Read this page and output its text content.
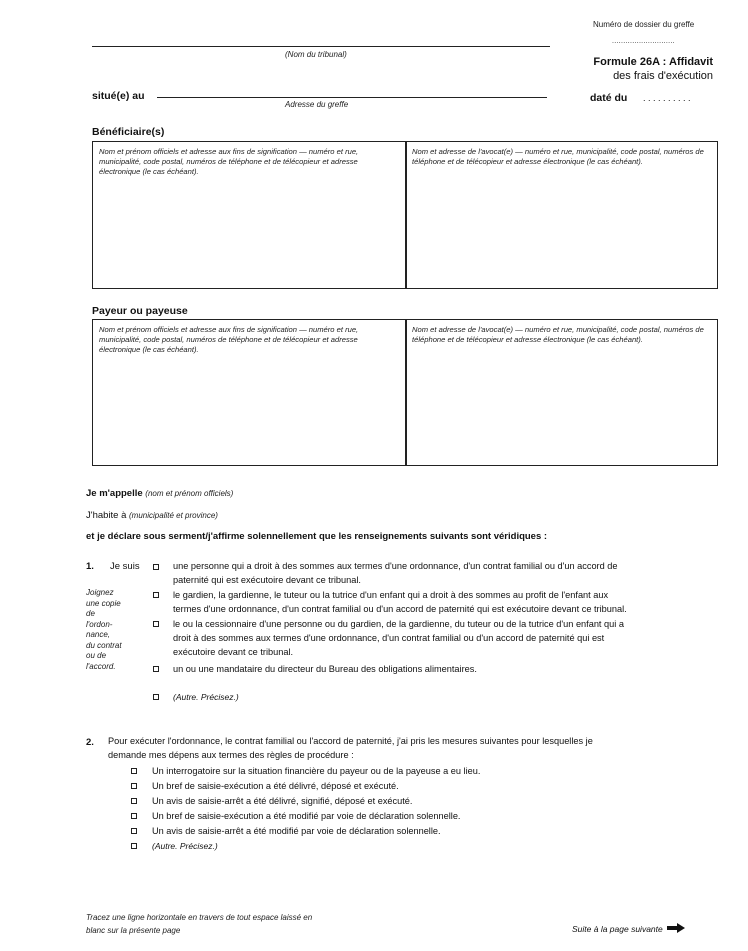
Numéro de dossier du greffe
............................
(Nom du tribunal)
Formule 26A : Affidavit
des frais d'exécution
situé(e) au
Adresse du greffe
daté du . . . . . . . . . .
Bénéficiaire(s)
Nom et prénom officiels et adresse aux fins de signification — numéro et rue, municipalité, code postal, numéros de téléphone et de télécopieur et adresse électronique (le cas échéant).
Nom et adresse de l'avocat(e) — numéro et rue, municipalité, code postal, numéros de téléphone et de télécopieur et adresse électronique (le cas échéant).
Payeur ou payeuse
Nom et prénom officiels et adresse aux fins de signification — numéro et rue, municipalité, code postal, numéros de téléphone et de télécopieur et adresse électronique (le cas échéant).
Nom et adresse de l'avocat(e) — numéro et rue, municipalité, code postal, numéros de téléphone et de télécopieur et adresse électronique (le cas échéant).
Je m'appelle (nom et prénom officiels)
J'habite à (municipalité et province)
et je déclare sous serment/j'affirme solennellement que les renseignements suivants sont véridiques :
1. Je suis
Joignez
une copie
de
l'ordon-
nance,
du contrat
ou de
l'accord.
une personne qui a droit à des sommes aux termes d'une ordonnance, d'un contrat familial ou d'un accord de
paternité qui est exécutoire devant ce tribunal.
le gardien, la gardienne, le tuteur ou la tutrice d'un enfant qui a droit à des sommes au profit de l'enfant aux
termes d'une ordonnance, d'un contrat familial ou d'un accord de paternité qui est exécutoire devant ce tribunal.
le ou la cessionnaire d'une personne ou du gardien, de la gardienne, du tuteur ou de la tutrice d'un enfant qui a
droit à des sommes aux termes d'une ordonnance, d'un contrat familial ou d'un accord de paternité qui est
exécutoire devant ce tribunal.
un ou une mandataire du directeur du Bureau des obligations alimentaires.
(Autre. Précisez.)
2. Pour exécuter l'ordonnance, le contrat familial ou l'accord de paternité, j'ai pris les mesures suivantes pour lesquelles je
demande mes dépens aux termes des règles de procédure :
Un interrogatoire sur la situation financière du payeur ou de la payeuse a eu lieu.
Un bref de saisie-exécution a été délivré, déposé et exécuté.
Un avis de saisie-arrêt a été délivré, signifié, déposé et exécuté.
Un bref de saisie-exécution a été modifié par voie de déclaration solennelle.
Un avis de saisie-arrêt a été modifié par voie de déclaration solennelle.
(Autre. Précisez.)
Tracez une ligne horizontale en travers de tout espace laissé en
blanc sur la présente page	Suite à la page suivante
